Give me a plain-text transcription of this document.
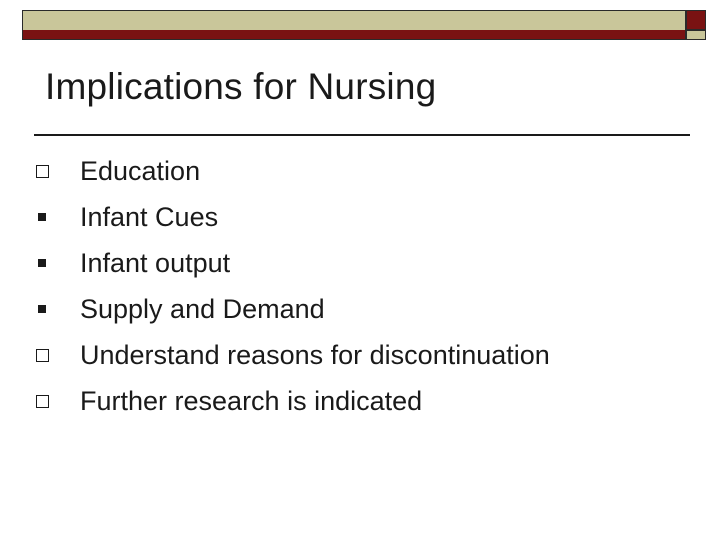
Implications for Nursing
Education
Infant Cues
Infant output
Supply and Demand
Understand reasons for discontinuation
Further research is indicated
